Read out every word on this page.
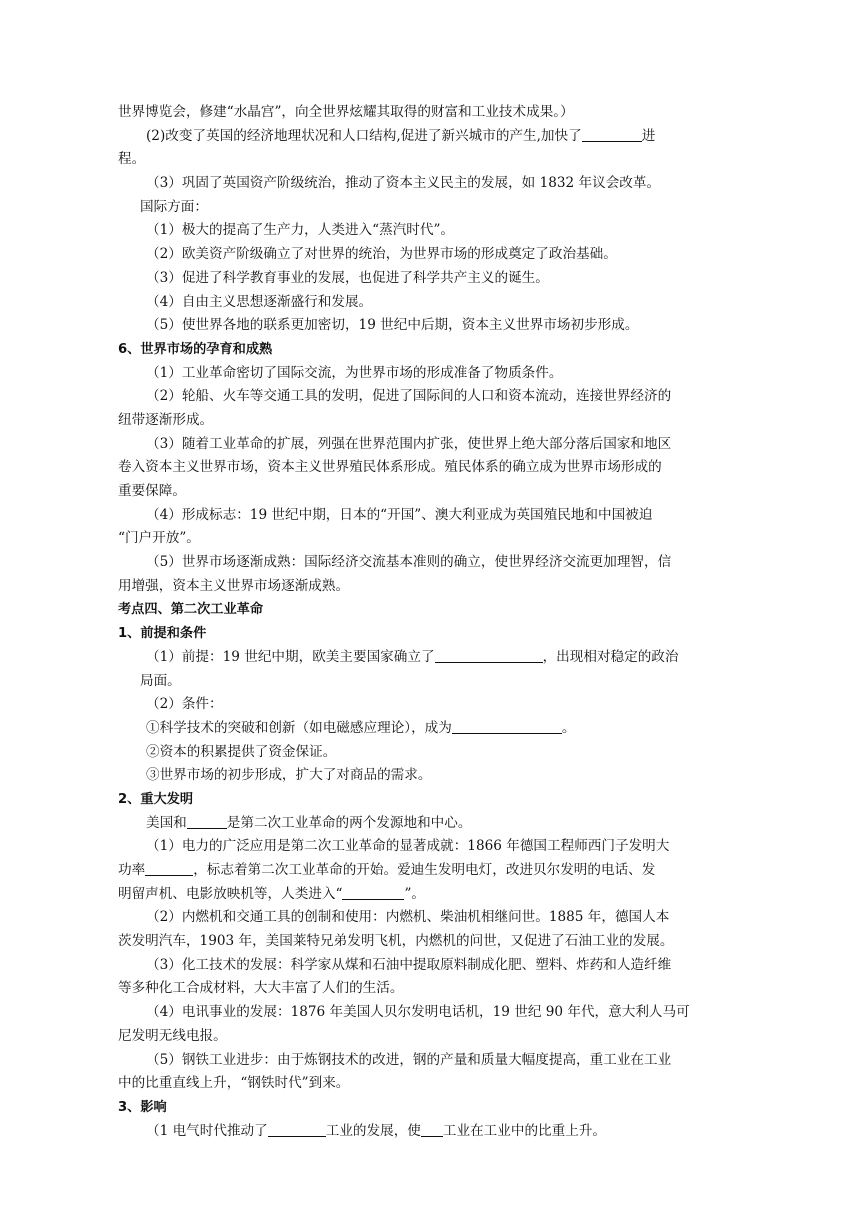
世界博览会，修建“水晶宫”，向全世界炫耀其取得的财富和工业技术成果。）
(2)改变了英国的经济地理状况和人口结构,促进了新兴城市的产生,加快了	进
程。
（3）巩固了英国资产阶级统治，推动了资本主义民主的发展，如 1832 年议会改革。
国际方面：
（1）极大的提高了生产力，人类进入“蒸汽时代”。
（2）欧美资产阶级确立了对世界的统治，为世界市场的形成奠定了政治基础。
（3）促进了科学教育事业的发展，也促进了科学共产主义的诞生。
（4）自由主义思想逐渐盛行和发展。
（5）使世界各地的联系更加密切，19 世纪中后期，资本主义世界市场初步形成。
6、世界市场的孕育和成熟
（1）工业革命密切了国际交流，为世界市场的形成准备了物质条件。
（2）轮船、火车等交通工具的发明，促进了国际间的人口和资本流动，连接世界经济的
纽带逐渐形成。
（3）随着工业革命的扩展，列强在世界范围内扩张，使世界上绝大部分落后国家和地区
卷入资本主义世界市场，资本主义世界殖民体系形成。殖民体系的确立成为世界市场形成的
重要保障。
（4）形成标志：19 世纪中期，日本的“开国”、澳大利亚成为英国殖民地和中国被迫
“门户开放”。
（5）世界市场逐渐成熟：国际经济交流基本准则的确立，使世界经济交流更加理智，信
用增强，资本主义世界市场逐渐成熟。
考点四、第二次工业革命
1、前提和条件
（1）前提：19 世纪中期，欧美主要国家确立了	，出现相对稳定的政治
局面。
（2）条件：
①科学技术的突破和创新（如电磁感应理论），成为	。
②资本的积累提供了资金保证。
③世界市场的初步形成，扩大了对商品的需求。
2、重大发明
美国和	是第二次工业革命的两个发源地和中心。
（1）电力的广泛应用是第二次工业革命的显著成就：1866 年德国工程师西门子发明大
功率	，标志着第二次工业革命的开始。爱迪生发明电灯，改进贝尔发明的电话、发
明留声机、电影放映机等，人类进入“	”。
（2）内燃机和交通工具的创制和使用：内燃机、柴油机相继问世。1885 年，德国人本
茨发明汽车，1903 年，美国莱特兄弟发明飞机，内燃机的问世，又促进了石油工业的发展。
（3）化工技术的发展：科学家从煤和石油中提取原料制成化肥、塑料、炸药和人造纤维
等多种化工合成材料，大大丰富了人们的生活。
（4）电讯事业的发展：1876 年美国人贝尔发明电话机，19 世纪 90 年代，意大利人马可
尼发明无线电报。
（5）钢铁工业进步：由于炼钢技术的改进，钢的产量和质量大幅度提高，重工业在工业
中的比重直线上升，“钢铁时代”到来。
3、影响
（1 电气时代推动了	工业的发展，使 工业在工业中的比重上升。
